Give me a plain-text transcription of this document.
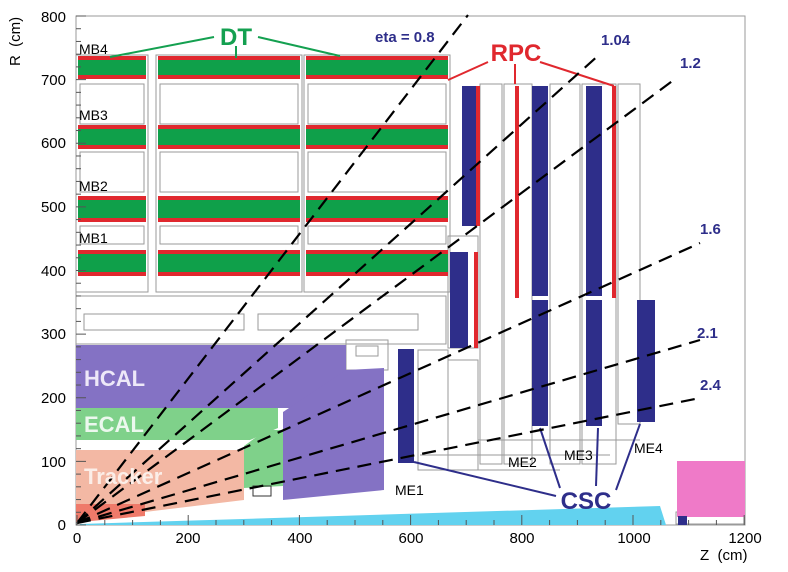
0	200	400	600	800	1000	1200
0
100
200
300
400
500
600
700
800
Z  (cm)
R  (cm)	MB4
MB3
MB2
MB1
ME1
ME2 ME3	ME4
DT
RPC
CSC
HCAL
ECAL
Tracker
eta = 0.8	1.04
1.2
1.6
2.1
2.4
